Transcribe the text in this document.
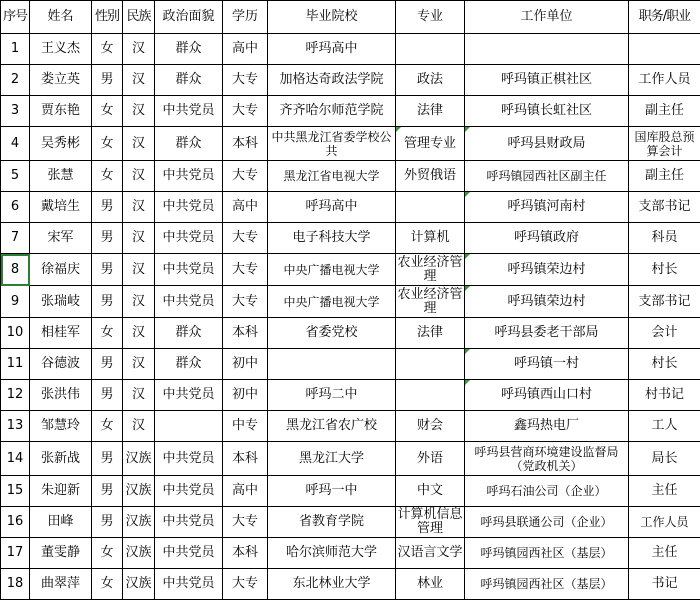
序号	姓名	性别	民族	政治面貌	学历	毕业院校	专业	工作单位	职务/职业
1	王义杰	女	汉	群众	高中	呼玛高中			
2	娄立英	男	汉	群众	大专	加格达奇政法学院	政法	呼玛镇正棋社区	工作人员
3	贾东艳	女	汉	中共党员	大专	齐齐哈尔师范学院	法律	呼玛镇长虹社区	副主任
4	吴秀彬	女	汉	群众	本科	中共黑龙江省委学校公共	管理专业	呼玛县财政局	国库股总预算会计
5	张慧	女	汉	中共党员	大专	黑龙江省电视大学	外贸俄语	呼玛镇园西社区副主任	副主任
6	戴培生	男	汉	中共党员	高中	呼玛高中		呼玛镇河南村	支部书记
7	宋军	男	汉	中共党员	大专	电子科技大学	计算机	呼玛镇政府	科员
8	徐福庆	男	汉	中共党员	大专	中央广播电视大学	农业经济管理	呼玛镇荣边村	村长
9	张瑞岐	男	汉	中共党员	大专	中央广播电视大学	农业经济管理	呼玛镇荣边村	支部书记
10	相桂军	女	汉	群众	本科	省委党校	法律	呼玛县委老干部局	会计
11	谷德波	男	汉	群众	初中			呼玛镇一村	村长
12	张洪伟	男	汉	中共党员	初中	呼玛二中		呼玛镇西山口村	村书记
13	邹慧玲	女	汉		中专	黑龙江省农广校	财会	鑫玛热电厂	工人
14	张新战	男	汉族	中共党员	本科	黑龙江大学	外语	呼玛县营商环境建设监督局（党政机关）	局长
15	朱迎新	男	汉族	中共党员	高中	呼玛一中	中文	呼玛石油公司（企业）	主任
16	田峰	男	汉族	中共党员	大专	省教育学院	计算机信息管理	呼玛县联通公司（企业）	工作人员
17	董雯静	女	汉族	中共党员	本科	哈尔滨师范大学	汉语言文学	呼玛镇园西社区（基层）	主任
18	曲翠萍	女	汉族	中共党员	大专	东北林业大学	林业	呼玛镇园西社区（基层）	书记
